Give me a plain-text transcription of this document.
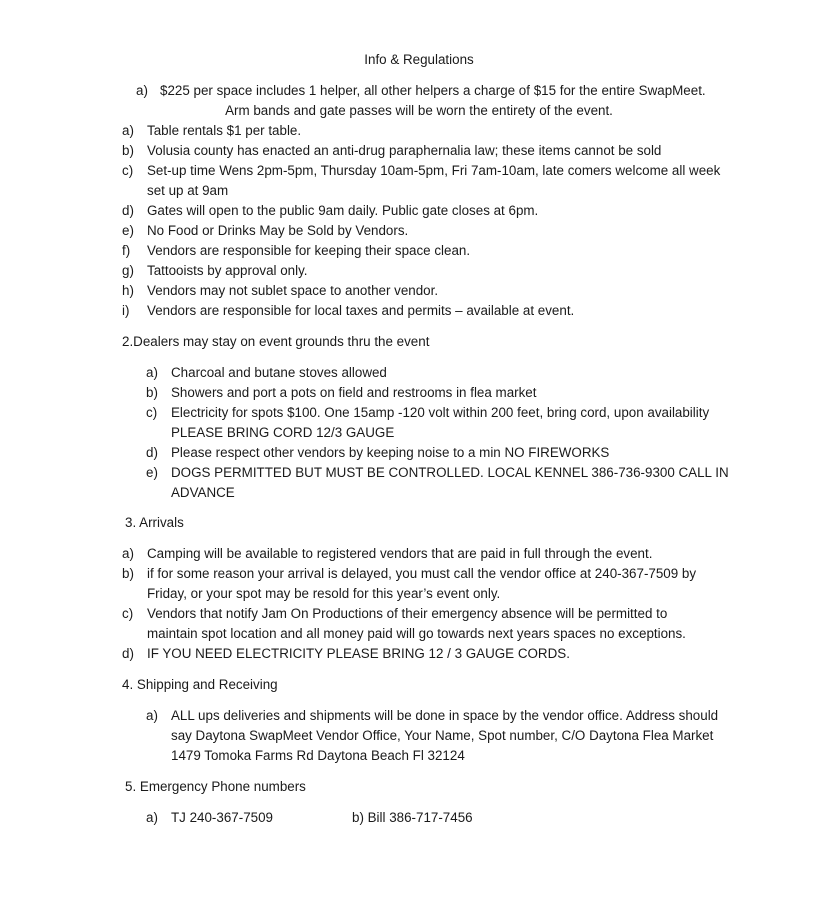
Info & Regulations
a) $225 per space includes 1 helper, all other helpers a charge of $15 for the entire SwapMeet.
Arm bands and gate passes will be worn the entirety of the event.
a) Table rentals $1 per table.
b) Volusia county has enacted an anti-drug paraphernalia law; these items cannot be sold
c) Set-up time Wens 2pm-5pm, Thursday 10am-5pm, Fri 7am-10am, late comers welcome all week
set up at 9am
d) Gates will open to the public 9am daily. Public gate closes at 6pm.
e) No Food or Drinks May be Sold by Vendors.
f) Vendors are responsible for keeping their space clean.
g) Tattooists by approval only.
h) Vendors may not sublet space to another vendor.
i) Vendors are responsible for local taxes and permits – available at event.
2.Dealers may stay on event grounds thru the event
a) Charcoal and butane stoves allowed
b) Showers and port a pots on field and restrooms in flea market
c) Electricity for spots $100. One 15amp -120 volt within 200 feet, bring cord, upon availability
PLEASE BRING CORD 12/3 GAUGE
d) Please respect other vendors by keeping noise to a min NO FIREWORKS
e) DOGS PERMITTED BUT MUST BE CONTROLLED. LOCAL KENNEL 386-736-9300 CALL IN
ADVANCE
3. Arrivals
a) Camping will be available to registered vendors that are paid in full through the event.
b) if for some reason your arrival is delayed, you must call the vendor office at 240-367-7509 by
Friday, or your spot may be resold for this year’s event only.
c) Vendors that notify Jam On Productions of their emergency absence will be permitted to
maintain spot location and all money paid will go towards next years spaces no exceptions.
d) IF YOU NEED ELECTRICITY PLEASE BRING 12 / 3 GAUGE CORDS.
4. Shipping and Receiving
a) ALL ups deliveries and shipments will be done in space by the vendor office. Address should
say Daytona SwapMeet Vendor Office, Your Name, Spot number, C/O Daytona Flea Market
1479 Tomoka Farms Rd Daytona Beach Fl 32124
5. Emergency Phone numbers
a) TJ 240-367-7509	b) Bill 386-717-7456
